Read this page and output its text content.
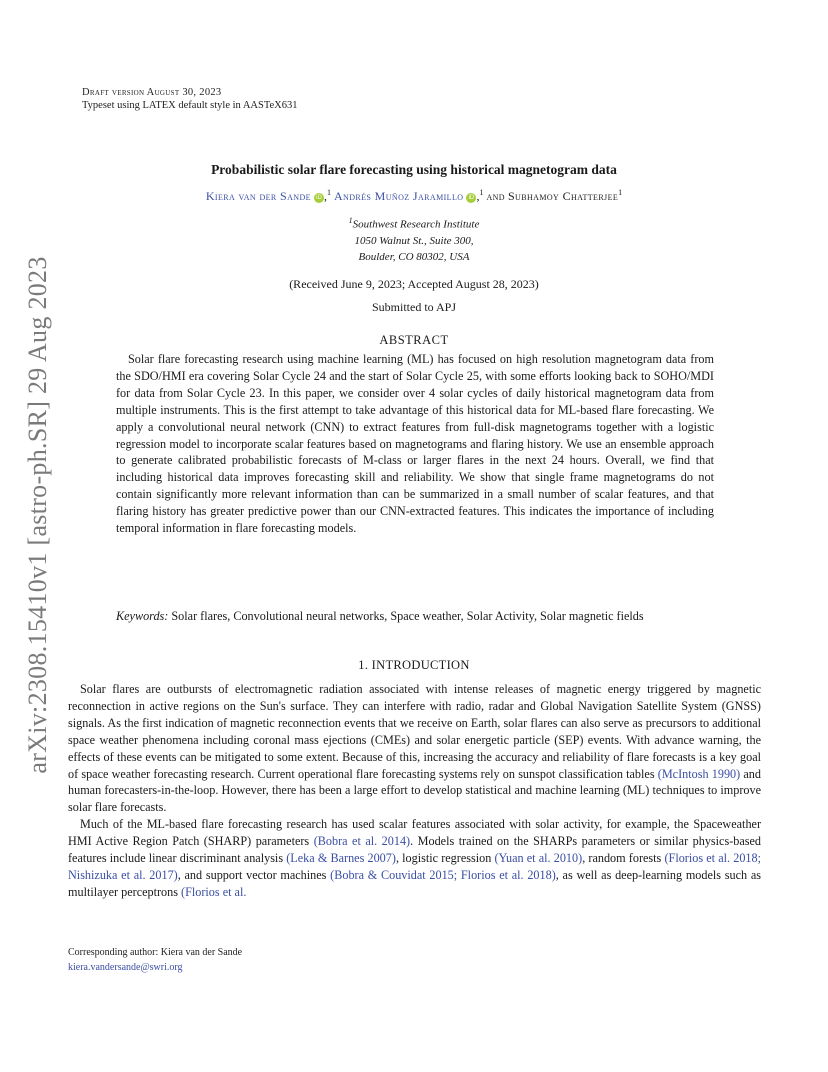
arXiv:2308.15410v1 [astro-ph.SR] 29 Aug 2023
Draft version August 30, 2023
Typeset using LATEX default style in AASTeX631
Probabilistic solar flare forecasting using historical magnetogram data
Kiera van der Sande iD ,$^1$ Andrés Muñoz Jaramillo iD ,$^1$ and Subhamoy Chatterjee$^1$
$^1$Southwest Research Institute
1050 Walnut St., Suite 300,
Boulder, CO 80302, USA
(Received June 9, 2023; Accepted August 28, 2023)
Submitted to APJ
ABSTRACT

Solar flare forecasting research using machine learning (ML) has focused on high resolution magnetogram data from the SDO/HMI era covering Solar Cycle 24 and the start of Solar Cycle 25, with some efforts looking back to SOHO/MDI for data from Solar Cycle 23. In this paper, we consider over 4 solar cycles of daily historical magnetogram data from multiple instruments. This is the first attempt to take advantage of this historical data for ML-based flare forecasting. We apply a convolutional neural network (CNN) to extract features from full-disk magnetograms together with a logistic regression model to incorporate scalar features based on magnetograms and flaring history. We use an ensemble approach to generate calibrated probabilistic forecasts of M-class or larger flares in the next 24 hours. Overall, we find that including historical data improves forecasting skill and reliability. We show that single frame magnetograms do not contain significantly more relevant information than can be summarized in a small number of scalar features, and that flaring history has greater predictive power than our CNN-extracted features. This indicates the importance of including temporal information in flare forecasting models.

Keywords: Solar flares, Convolutional neural networks, Space weather, Solar Activity, Solar magnetic fields
1. INTRODUCTION

Solar flares are outbursts of electromagnetic radiation associated with intense releases of magnetic energy triggered by magnetic reconnection in active regions on the Sun's surface. They can interfere with radio, radar and Global Navigation Satellite System (GNSS) signals. As the first indication of magnetic reconnection events that we receive on Earth, solar flares can also serve as precursors to additional space weather phenomena including coronal mass ejections (CMEs) and solar energetic particle (SEP) events. With advance warning, the effects of these events can be mitigated to some extent. Because of this, increasing the accuracy and reliability of flare forecasts is a key goal of space weather forecasting research. Current operational flare forecasting systems rely on sunspot classification tables (McIntosh 1990) and human forecasters-in-the-loop. However, there has been a large effort to develop statistical and machine learning (ML) techniques to improve solar flare forecasts.

Much of the ML-based flare forecasting research has used scalar features associated with solar activity, for example, the Spaceweather HMI Active Region Patch (SHARP) parameters (Bobra et al. 2014). Models trained on the SHARPs parameters or similar physics-based features include linear discriminant analysis (Leka & Barnes 2007), logistic regression (Yuan et al. 2010), random forests (Florios et al. 2018; Nishizuka et al. 2017), and support vector machines (Bobra & Couvidat 2015; Florios et al. 2018), as well as deep-learning models such as multilayer perceptrons (Florios et al.

Corresponding author: Kiera van der Sande
kiera.vandersande@swri.org
